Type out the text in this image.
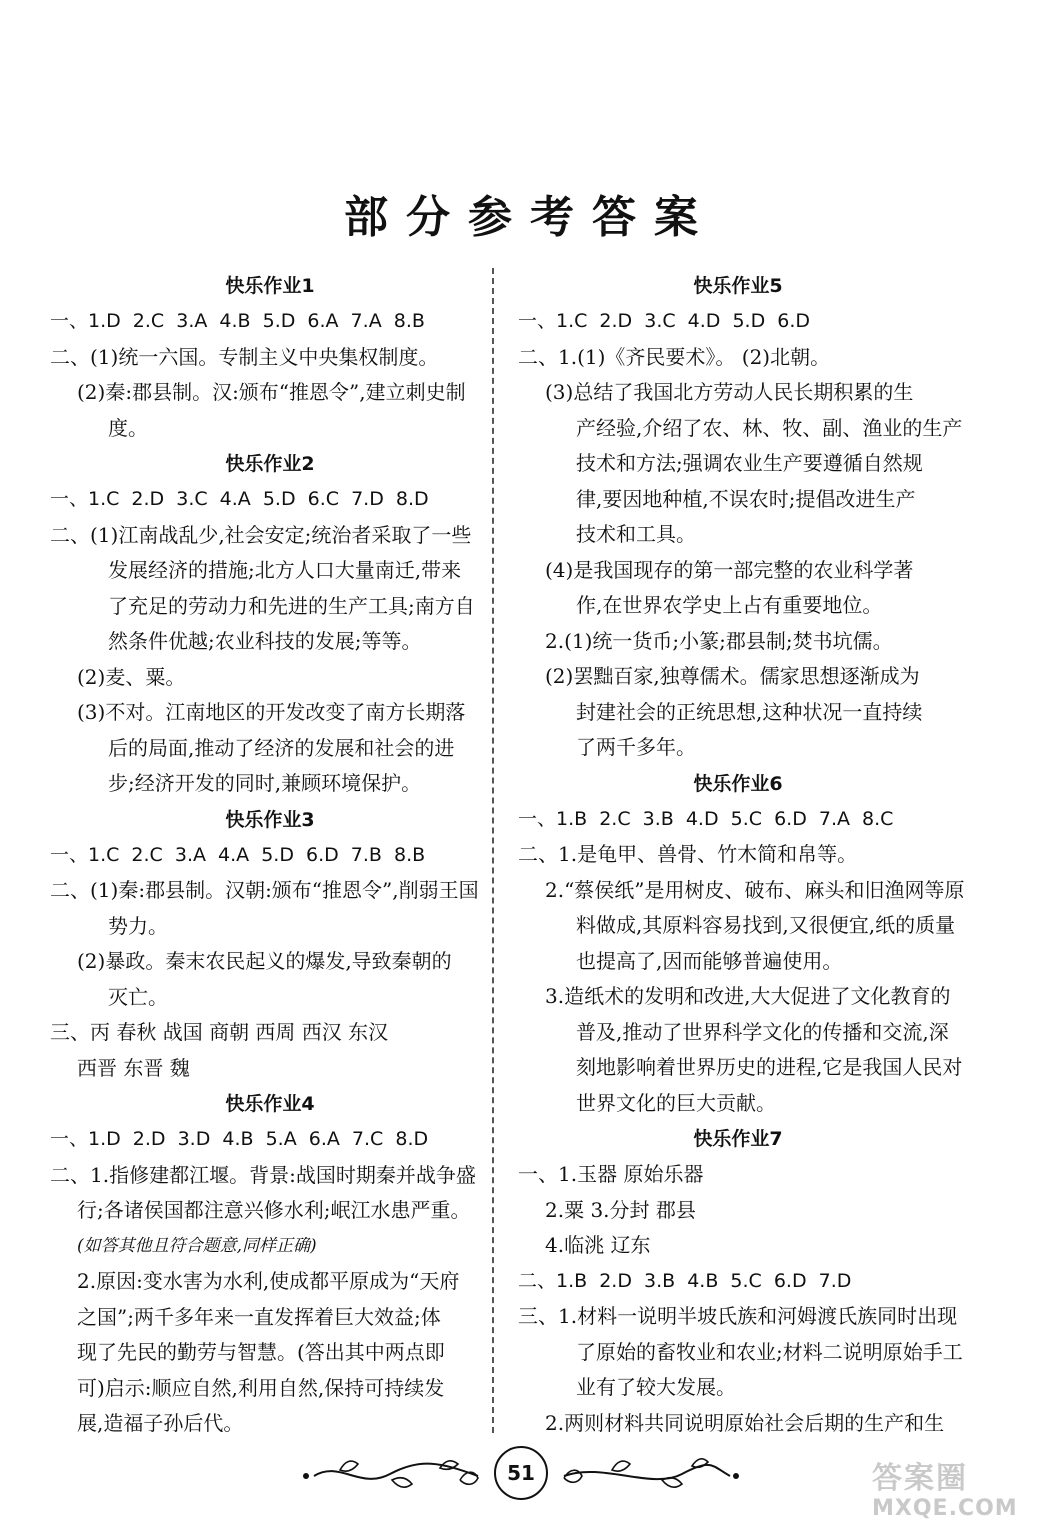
部分参考答案
快乐作业1
一、1.D 2.C 3.A 4.B 5.D 6.A 7.A 8.B
二、(1)统一六国。专制主义中央集权制度。
(2)秦:郡县制。汉:颁布“推恩令”,建立刺史制
度。
快乐作业2
一、1.C 2.D 3.C 4.A 5.D 6.C 7.D 8.D
二、(1)江南战乱少,社会安定;统治者采取了一些
发展经济的措施;北方人口大量南迁,带来
了充足的劳动力和先进的生产工具;南方自
然条件优越;农业科技的发展;等等。
(2)麦、粟。
(3)不对。江南地区的开发改变了南方长期落
后的局面,推动了经济的发展和社会的进
步;经济开发的同时,兼顾环境保护。
快乐作业3
一、1.C 2.C 3.A 4.A 5.D 6.D 7.B 8.B
二、(1)秦:郡县制。汉朝:颁布“推恩令”,削弱王国
势力。
(2)暴政。秦末农民起义的爆发,导致秦朝的
灭亡。
三、丙 春秋 战国 商朝 西周 西汉 东汉
西晋 东晋 魏
快乐作业4
一、1.D 2.D 3.D 4.B 5.A 6.A 7.C 8.D
二、1.指修建都江堰。背景:战国时期秦并战争盛
行;各诸侯国都注意兴修水利;岷江水患严重。
(如答其他且符合题意,同样正确)
2.原因:变水害为水利,使成都平原成为“天府
之国”;两千多年来一直发挥着巨大效益;体
现了先民的勤劳与智慧。(答出其中两点即
可)启示:顺应自然,利用自然,保持可持续发
展,造福子孙后代。
快乐作业5
一、1.C 2.D 3.C 4.D 5.D 6.D
二、1.(1)《齐民要术》。 (2)北朝。
(3)总结了我国北方劳动人民长期积累的生
产经验,介绍了农、林、牧、副、渔业的生产
技术和方法;强调农业生产要遵循自然规
律,要因地种植,不误农时;提倡改进生产
技术和工具。
(4)是我国现存的第一部完整的农业科学著
作,在世界农学史上占有重要地位。
2.(1)统一货币;小篆;郡县制;焚书坑儒。
(2)罢黜百家,独尊儒术。儒家思想逐渐成为
封建社会的正统思想,这种状况一直持续
了两千多年。
快乐作业6
一、1.B 2.C 3.B 4.D 5.C 6.D 7.A 8.C
二、1.是龟甲、兽骨、竹木简和帛等。
2.“蔡侯纸”是用树皮、破布、麻头和旧渔网等原
料做成,其原料容易找到,又很便宜,纸的质量
也提高了,因而能够普遍使用。
3.造纸术的发明和改进,大大促进了文化教育的
普及,推动了世界科学文化的传播和交流,深
刻地影响着世界历史的进程,它是我国人民对
世界文化的巨大贡献。
快乐作业7
一、1.玉器 原始乐器
2.粟 3.分封 郡县
4.临洮 辽东
二、1.B 2.D 3.B 4.B 5.C 6.D 7.D
三、1.材料一说明半坡氏族和河姆渡氏族同时出现
了原始的畜牧业和农业;材料二说明原始手工
业有了较大发展。
2.两则材料共同说明原始社会后期的生产和生
51	答案圈
MXQE.COM
